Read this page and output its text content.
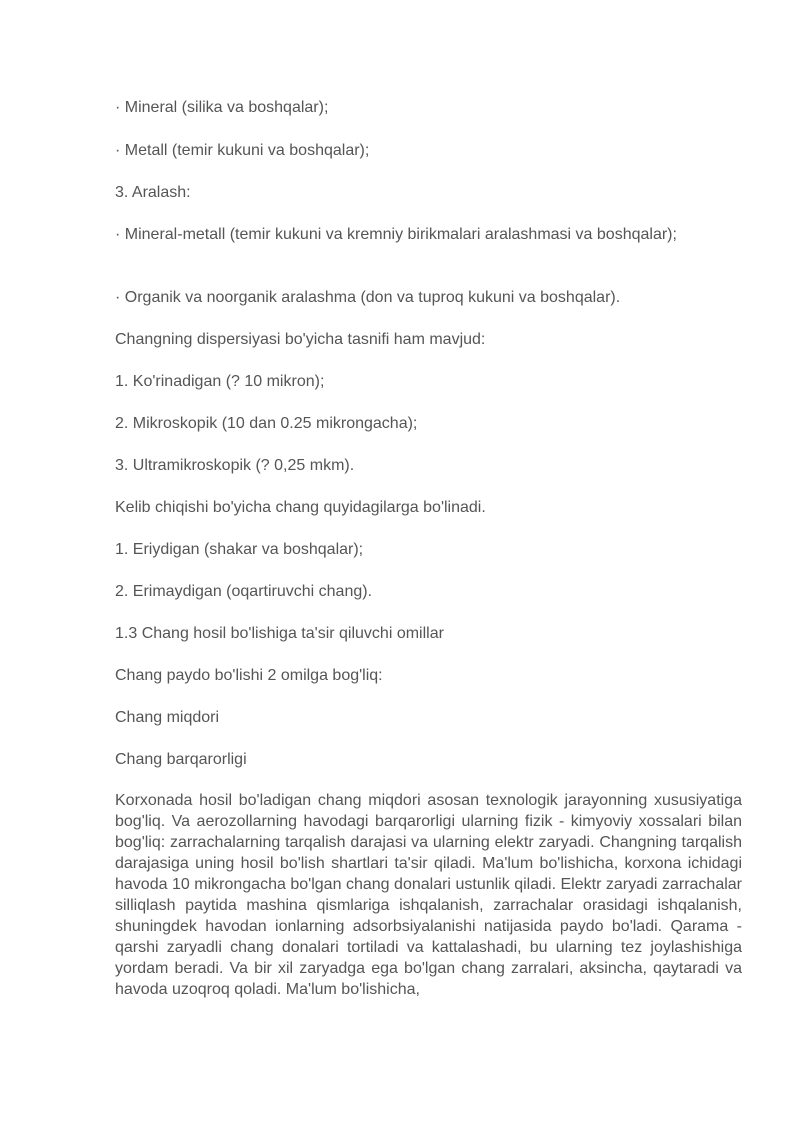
· Mineral (silika va boshqalar);
· Metall (temir kukuni va boshqalar);
3. Aralash:
· Mineral-metall (temir kukuni va kremniy birikmalari aralashmasi va boshqalar);
· Organik va noorganik aralashma (don va tuproq kukuni va boshqalar).
Changning dispersiyasi bo'yicha tasnifi ham mavjud:
1. Ko'rinadigan (? 10 mikron);
2. Mikroskopik (10 dan 0.25 mikrongacha);
3. Ultramikroskopik (? 0,25 mkm).
Kelib chiqishi bo'yicha chang quyidagilarga bo'linadi.
1. Eriydigan (shakar va boshqalar);
2. Erimaydigan (oqartiruvchi chang).
1.3 Chang hosil bo'lishiga ta'sir qiluvchi omillar
Chang paydo bo'lishi 2 omilga bog'liq:
Chang miqdori
Chang barqarorligi
Korxonada hosil bo'ladigan chang miqdori asosan texnologik jarayonning xususiyatiga bog'liq. Va aerozollarning havodagi barqarorligi ularning fizik - kimyoviy xossalari bilan bog'liq: zarrachalarning tarqalish darajasi va ularning elektr zaryadi. Changning tarqalish darajasiga uning hosil bo'lish shartlari ta'sir qiladi. Ma'lum bo'lishicha, korxona ichidagi havoda 10 mikrongacha bo'lgan chang donalari ustunlik qiladi. Elektr zaryadi zarrachalar silliqlash paytida mashina qismlariga ishqalanish, zarrachalar orasidagi ishqalanish, shuningdek havodan ionlarning adsorbsiyalanishi natijasida paydo bo'ladi. Qarama -qarshi zaryadli chang donalari tortiladi va kattalashadi, bu ularning tez joylashishiga yordam beradi. Va bir xil zaryadga ega bo'lgan chang zarralari, aksincha, qaytaradi va havoda uzoqroq qoladi. Ma'lum bo'lishicha,
